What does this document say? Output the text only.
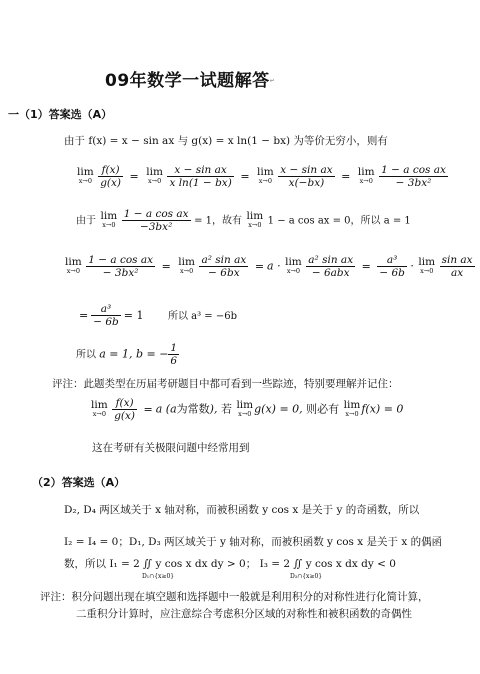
09年数学一试题解答↵
一（1）答案选（A）
由于 f(x) = x − sin ax 与 g(x) = x ln(1 − bx) 为等价无穷小，则有
lim
x→0
$\frac{f(x)}{g(x)} = \lim$
x→0
$\frac{\text{x − sin ax}}{\text{x ln(1 − bx)}} = \lim$
x→0
$\frac{\text{x − sin ax}}{x(-bx)} = \lim$
x→0
$\frac{\text{1 − a cos ax}}{\text{− 3bx²}}$
由于 lim
x→0
$\frac{\text{1 − a cos ax}}{\text{−3bx²}} = 1$，故有 lim
x→0 1 − a cos ax = 0，所以 a = 1
lim
x→0
$\frac{\text{1 − a cos ax}}{\text{− 3bx²}} = \lim$
x→0
$\frac{\text{a² sin ax}}{- 6bx} = a \cdot \lim$
x→0
$\frac{\text{a² sin ax}}{\text{− 6abx}} = \frac{\text{a³}}{- 6b} \cdot \lim$
x→0
$\frac{\text{sin ax}}{ax}$
= $\frac{\text{a³}}{- 6b} = 1$ 所以 a³ = −6b
所以 a = 1, b = − $\frac{1}{6}$
评注：此题类型在历届考研题目中都可看到一些踪迹，特别要理解并记住：
lim
x→0
$\frac{f(x)}{g(x)} = a$ (a为常数), 若 lim
x→0 g(x) = 0, 则必有 lim
x→0 f(x) = 0
这在考研有关极限问题中经常用到
（2）答案选（A）
D₂, D₄ 两区域关于 x 轴对称，而被积函数 y cos x 是关于 y 的奇函数，所以
I₂ = I₄ = 0；D₁, D₃ 两区域关于 y 轴对称，而被积函数 y cos x 是关于 x 的偶函
数，所以 I₁ = 2 ∬ y cos x dx dy > 0； I₃ = 2 ∬ y cos x dx dy < 0
D₁∩{x≥0}	D₃∩{x≥0}
评注：积分问题出现在填空题和选择题中一般就是利用积分的对称性进行化简计算，
二重积分计算时，应注意综合考虑积分区域的对称性和被积函数的奇偶性
